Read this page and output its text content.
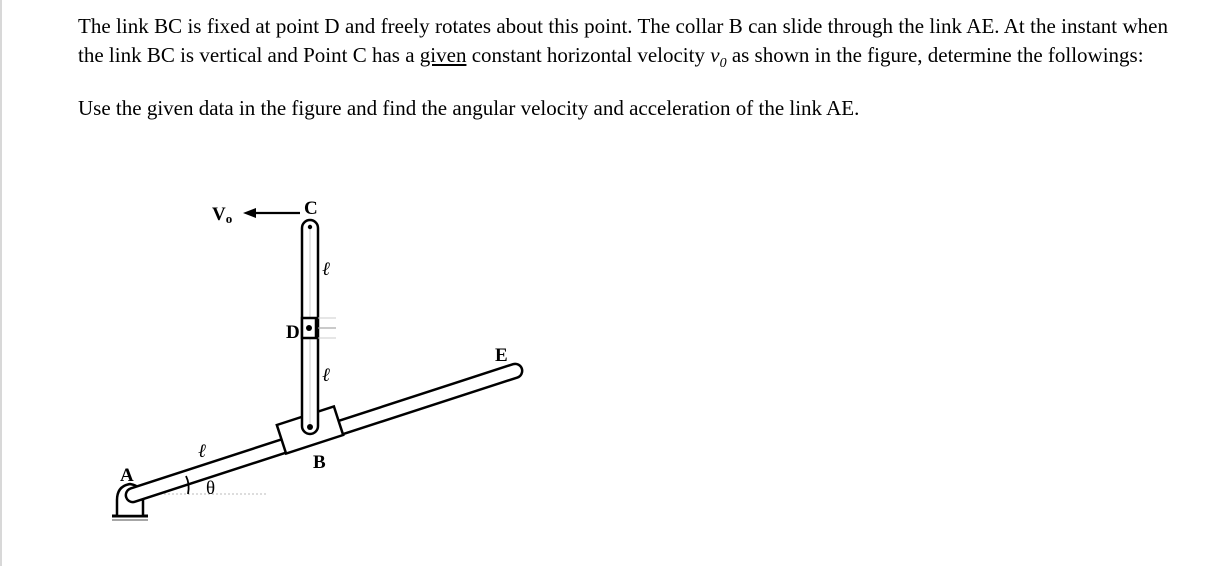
The link BC is fixed at point D and freely rotates about this point. The collar B can slide through the link AE. At the instant when the link BC is vertical and Point C has a given constant horizontal velocity $v_0$ as shown in the figure, determine the followings:

Use the given data in the figure and find the angular velocity and acceleration of the link AE.

A
B
C
D
E
Vo
ℓ
ℓ
ℓ
θ
